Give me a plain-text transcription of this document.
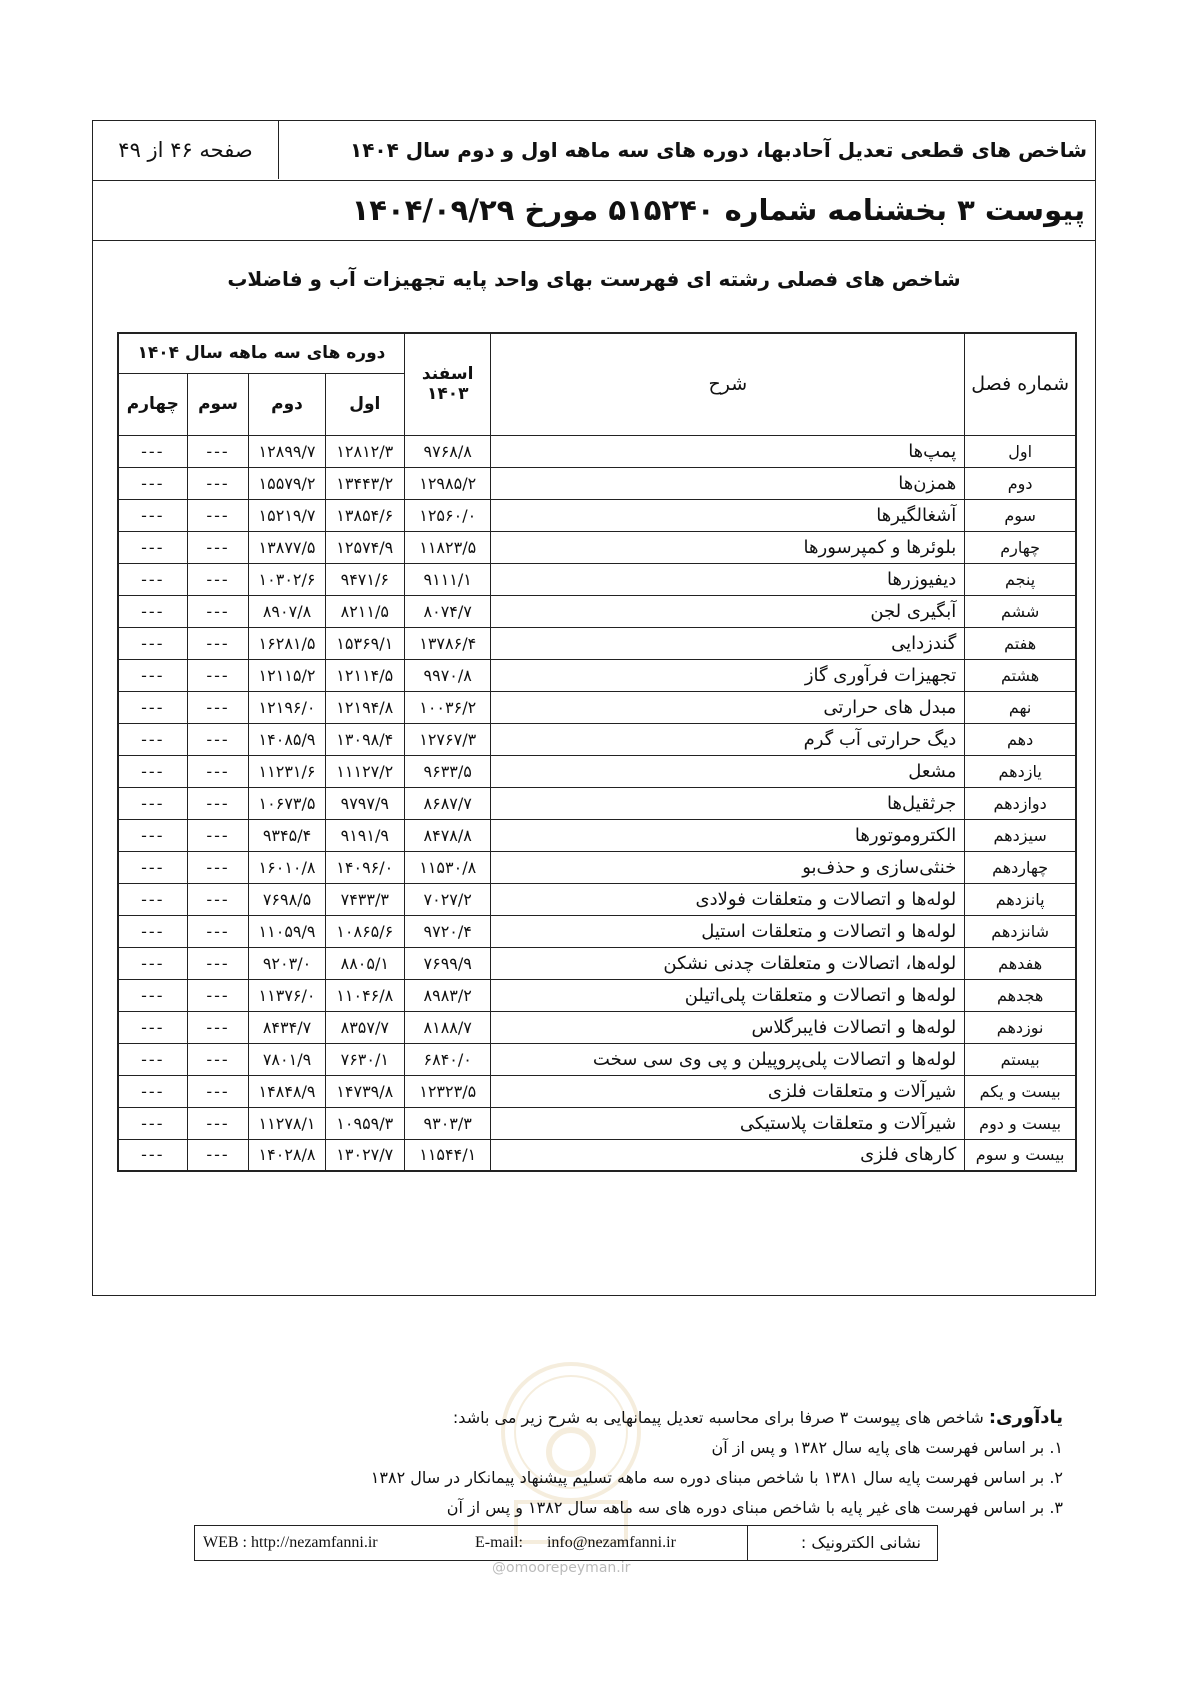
شاخص های قطعی تعدیل آحادبها، دوره های سه ماهه اول و دوم سال ۱۴۰۴
صفحه ۴۶ از ۴۹
پیوست ۳ بخشنامه شماره ۵۱۵۲۴۰ مورخ ۱۴۰۴/۰۹/۲۹
شاخص های فصلی رشته ای فهرست بهای واحد پایه تجهیزات آب و فاضلاب
شماره فصل	شرح	اسفند
۱۴۰۳	دوره های سه ماهه سال ۱۴۰۴			
			اول	دوم	سوم	چهارم
اول	پمپ‌ها	۹۷۶۸/۸	۱۲۸۱۲/۳	۱۲۸۹۹/۷	---	---
دوم	همزن‌ها	۱۲۹۸۵/۲	۱۳۴۴۳/۲	۱۵۵۷۹/۲	---	---
سوم	آشغالگیرها	۱۲۵۶۰/۰	۱۳۸۵۴/۶	۱۵۲۱۹/۷	---	---
چهارم	بلوئرها و کمپرسورها	۱۱۸۲۳/۵	۱۲۵۷۴/۹	۱۳۸۷۷/۵	---	---
پنجم	دیفیوزرها	۹۱۱۱/۱	۹۴۷۱/۶	۱۰۳۰۲/۶	---	---
ششم	آبگیری لجن	۸۰۷۴/۷	۸۲۱۱/۵	۸۹۰۷/۸	---	---
هفتم	گندزدایی	۱۳۷۸۶/۴	۱۵۳۶۹/۱	۱۶۲۸۱/۵	---	---
هشتم	تجهیزات فرآوری گاز	۹۹۷۰/۸	۱۲۱۱۴/۵	۱۲۱۱۵/۲	---	---
نهم	مبدل های حرارتی	۱۰۰۳۶/۲	۱۲۱۹۴/۸	۱۲۱۹۶/۰	---	---
دهم	دیگ حرارتی آب گرم	۱۲۷۶۷/۳	۱۳۰۹۸/۴	۱۴۰۸۵/۹	---	---
یازدهم	مشعل	۹۶۳۳/۵	۱۱۱۲۷/۲	۱۱۲۳۱/۶	---	---
دوازدهم	جرثقیل‌ها	۸۶۸۷/۷	۹۷۹۷/۹	۱۰۶۷۳/۵	---	---
سیزدهم	الکتروموتورها	۸۴۷۸/۸	۹۱۹۱/۹	۹۳۴۵/۴	---	---
چهاردهم	خنثی‌سازی و حذف‌بو	۱۱۵۳۰/۸	۱۴۰۹۶/۰	۱۶۰۱۰/۸	---	---
پانزدهم	لوله‌ها و اتصالات و متعلقات فولادی	۷۰۲۷/۲	۷۴۳۳/۳	۷۶۹۸/۵	---	---
شانزدهم	لوله‌ها و اتصالات و متعلقات استیل	۹۷۲۰/۴	۱۰۸۶۵/۶	۱۱۰۵۹/۹	---	---
هفدهم	لوله‌ها، اتصالات و متعلقات چدنی نشکن	۷۶۹۹/۹	۸۸۰۵/۱	۹۲۰۳/۰	---	---
هجدهم	لوله‌ها و اتصالات و متعلقات پلی‌اتیلن	۸۹۸۳/۲	۱۱۰۴۶/۸	۱۱۳۷۶/۰	---	---
نوزدهم	لوله‌ها و اتصالات فایبرگلاس	۸۱۸۸/۷	۸۳۵۷/۷	۸۴۳۴/۷	---	---
بیستم	لوله‌ها و اتصالات پلی‌پروپیلن و پی وی سی سخت	۶۸۴۰/۰	۷۶۳۰/۱	۷۸۰۱/۹	---	---
بیست و یکم	شیرآلات و متعلقات فلزی	۱۲۳۲۳/۵	۱۴۷۳۹/۸	۱۴۸۴۸/۹	---	---
بیست و دوم	شیرآلات و متعلقات پلاستیکی	۹۳۰۳/۳	۱۰۹۵۹/۳	۱۱۲۷۸/۱	---	---
بیست و سوم	کارهای فلزی	۱۱۵۴۴/۱	۱۳۰۲۷/۷	۱۴۰۲۸/۸	---	---
@omoorepeyman.ir
یادآوری: شاخص های پیوست ۳ صرفا برای محاسبه تعدیل پیمانهایی به شرح زیر می باشد:
۱. بر اساس فهرست های پایه سال ۱۳۸۲ و پس از آن
۲. بر اساس فهرست پایه سال ۱۳۸۱ با شاخص مبنای دوره سه ماهه تسلیم پیشنهاد پیمانکار در سال ۱۳۸۲
۳. بر اساس فهرست های غیر پایه با شاخص مبنای دوره های سه ماهه سال ۱۳۸۲ و پس از آن
نشانی الکترونیک :
E-mail: info@nezamfanni.ir
WEB : http://nezamfanni.ir
